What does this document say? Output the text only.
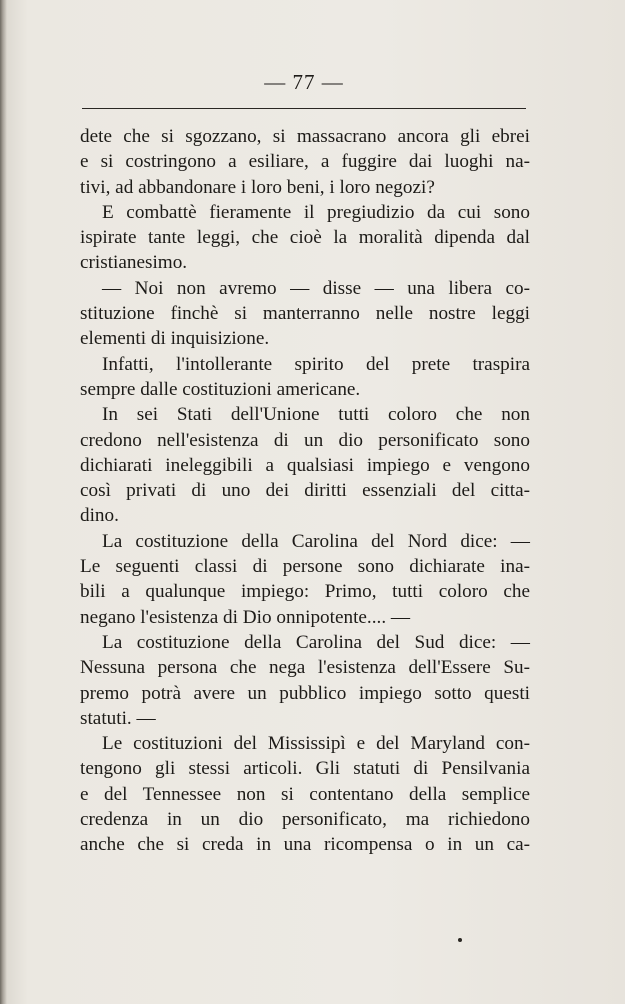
— 77 —
dete che si sgozzano, si massacrano ancora gli ebrei
e si costringono a esiliare, a fuggire dai luoghi na-
tivi, ad abbandonare i loro beni, i loro negozi?
E combattè fieramente il pregiudizio da cui sono
ispirate tante leggi, che cioè la moralità dipenda dal
cristianesimo.
— Noi non avremo — disse — una libera co-
stituzione finchè si manterranno nelle nostre leggi
elementi di inquisizione.
Infatti, l'intollerante spirito del prete traspira
sempre dalle costituzioni americane.
In sei Stati dell'Unione tutti coloro che non
credono nell'esistenza di un dio personificato sono
dichiarati ineleggibili a qualsiasi impiego e vengono
così privati di uno dei diritti essenziali del citta-
dino.
La costituzione della Carolina del Nord dice: —
Le seguenti classi di persone sono dichiarate ina-
bili a qualunque impiego: Primo, tutti coloro che
negano l'esistenza di Dio onnipotente.... —
La costituzione della Carolina del Sud dice: —
Nessuna persona che nega l'esistenza dell'Essere Su-
premo potrà avere un pubblico impiego sotto questi
statuti. —
Le costituzioni del Mississipì e del Maryland con-
tengono gli stessi articoli. Gli statuti di Pensilvania
e del Tennessee non si contentano della semplice
credenza in un dio personificato, ma richiedono
anche che si creda in una ricompensa o in un ca-
